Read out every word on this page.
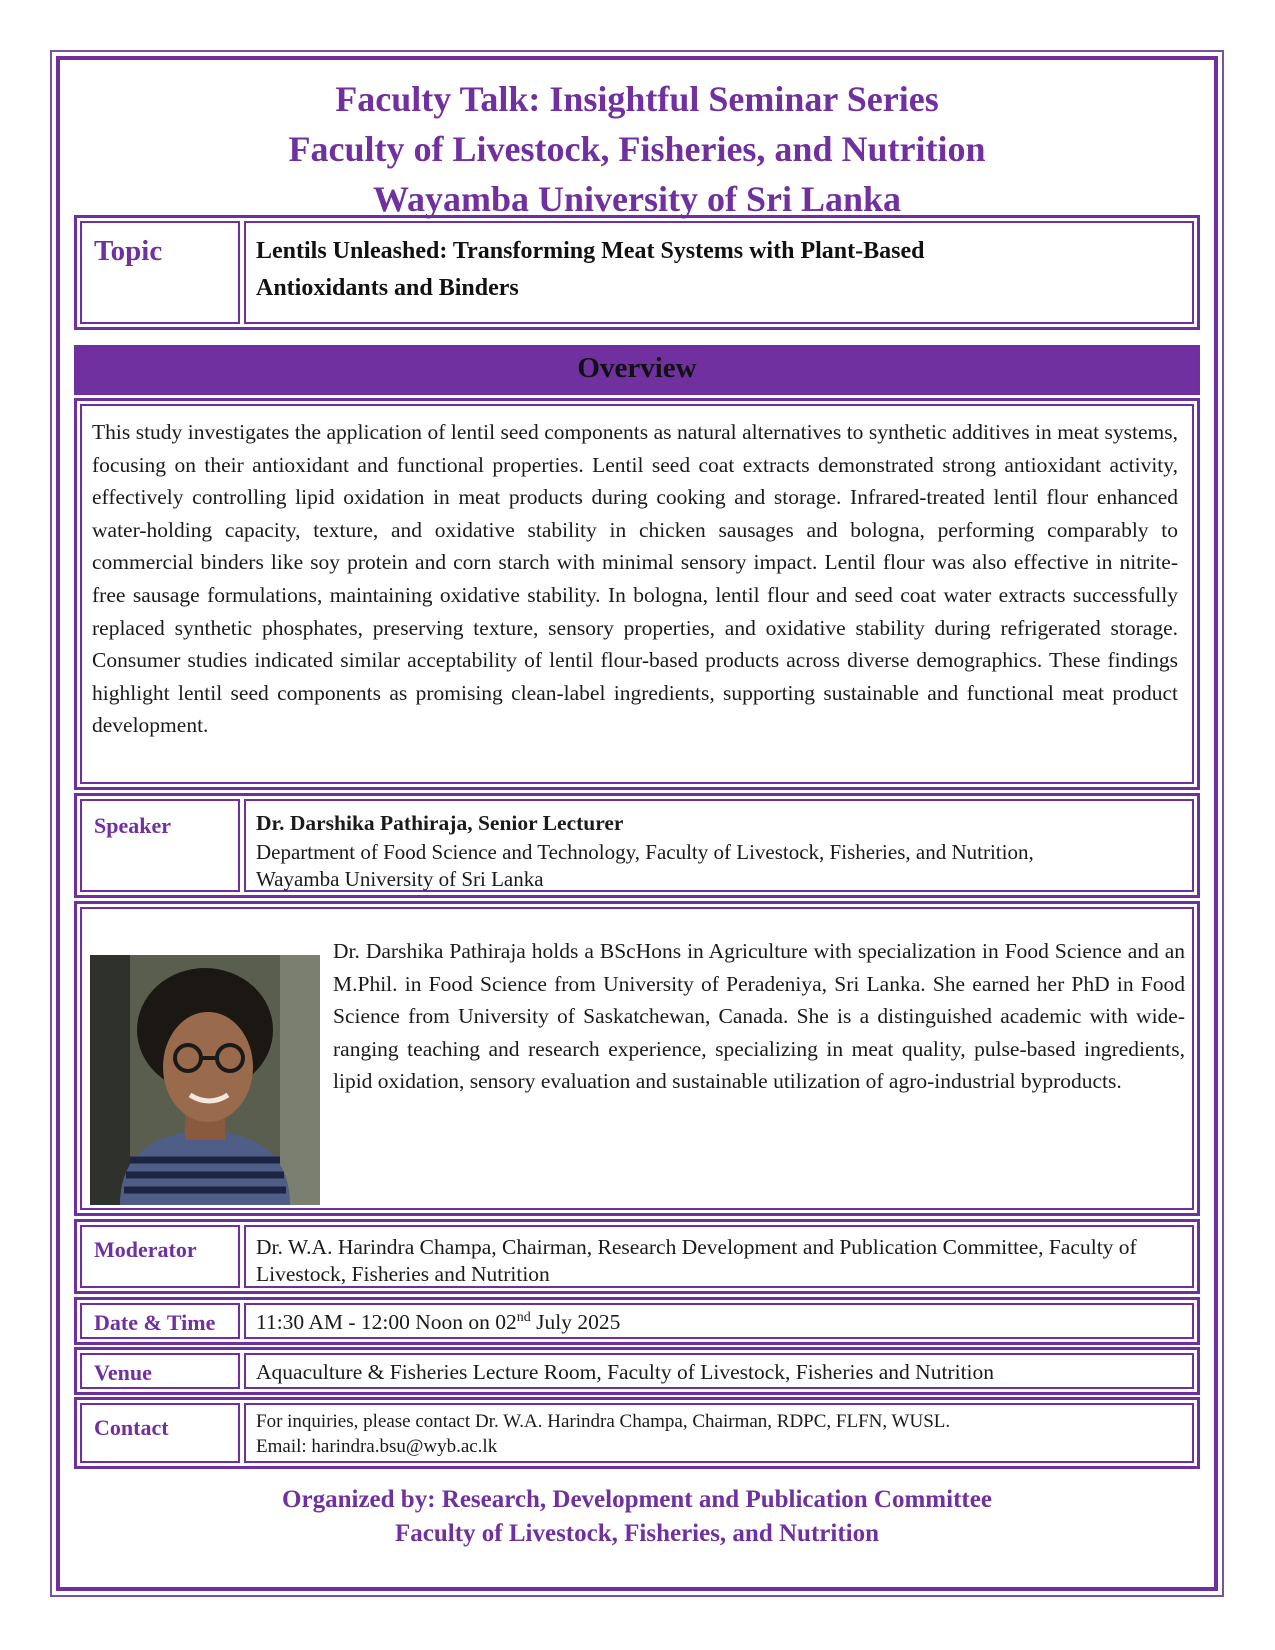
Faculty Talk: Insightful Seminar Series
Faculty of Livestock, Fisheries, and Nutrition
Wayamba University of Sri Lanka
Topic	Lentils Unleashed: Transforming Meat Systems with Plant-Based
Antioxidants and Binders
Overview
This study investigates the application of lentil seed components as natural alternatives to synthetic additives in meat systems, focusing on their antioxidant and functional properties. Lentil seed coat extracts demonstrated strong antioxidant activity, effectively controlling lipid oxidation in meat products during cooking and storage. Infrared-treated lentil flour enhanced water-holding capacity, texture, and oxidative stability in chicken sausages and bologna, performing comparably to commercial binders like soy protein and corn starch with minimal sensory impact. Lentil flour was also effective in nitrite-free sausage formulations, maintaining oxidative stability. In bologna, lentil flour and seed coat water extracts successfully replaced synthetic phosphates, preserving texture, sensory properties, and oxidative stability during refrigerated storage. Consumer studies indicated similar acceptability of lentil flour-based products across diverse demographics. These findings highlight lentil seed components as promising clean-label ingredients, supporting sustainable and functional meat product development.
Speaker	Dr. Darshika Pathiraja, Senior Lecturer
Department of Food Science and Technology, Faculty of Livestock, Fisheries, and Nutrition, Wayamba University of Sri Lanka
Dr. Darshika Pathiraja holds a BScHons in Agriculture with specialization in Food Science and an M.Phil. in Food Science from University of Peradeniya, Sri Lanka. She earned her PhD in Food Science from University of Saskatchewan, Canada. She is a distinguished academic with wide-ranging teaching and research experience, specializing in meat quality, pulse-based ingredients, lipid oxidation, sensory evaluation and sustainable utilization of agro-industrial byproducts.
Moderator	Dr. W.A. Harindra Champa, Chairman, Research Development and Publication Committee, Faculty of Livestock, Fisheries and Nutrition
Date & Time 11:30 AM - 12:00 Noon on 02nd July 2025
Venue	Aquaculture & Fisheries Lecture Room, Faculty of Livestock, Fisheries and Nutrition
Contact	For inquiries, please contact Dr. W.A. Harindra Champa, Chairman, RDPC, FLFN, WUSL.
Email: harindra.bsu@wyb.ac.lk
Organized by: Research, Development and Publication Committee
Faculty of Livestock, Fisheries, and Nutrition
